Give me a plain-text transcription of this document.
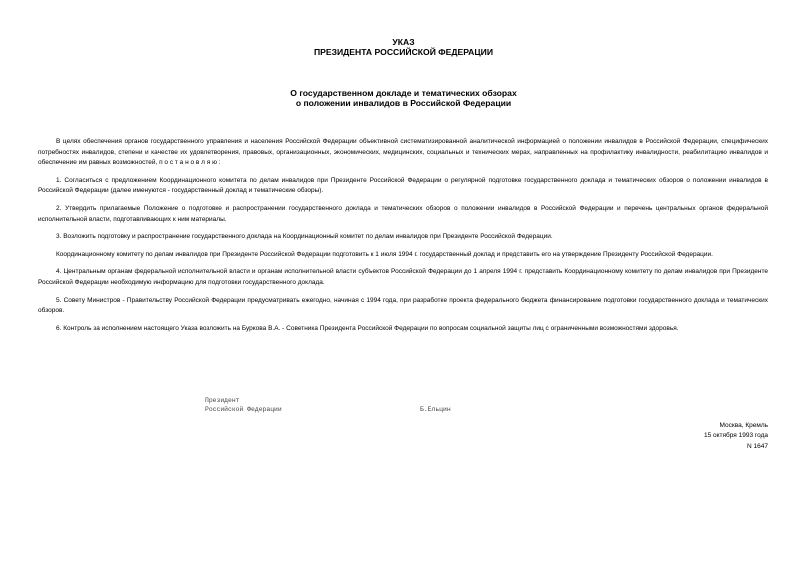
УКАЗ
ПРЕЗИДЕНТА РОССИЙСКОЙ ФЕДЕРАЦИИ
О государственном докладе и тематических обзорах
о положении инвалидов в Российской Федерации

В целях обеспечения органов государственного управления и населения Российской Федерации объективной систематизированной аналитической информацией о положении инвалидов в Российской Федерации, специфических потребностях инвалидов, степени и качестве их удовлетворения, правовых, организационных, экономических, медицинских, социальных и технических мерах, направленных на профилактику инвалидности, реабилитацию инвалидов и обеспечение им равных возможностей, п о с т а н о в л я ю :

1. Согласиться с предложением Координационного комитета по делам инвалидов при Президенте Российской Федерации о регулярной подготовке государственного доклада и тематических обзоров о положении инвалидов в Российской Федерации (далее именуются - государственный доклад и тематические обзоры).

2. Утвердить прилагаемые Положение о подготовке и распространении государственного доклада и тематических обзоров о положении инвалидов в Российской Федерации и перечень центральных органов федеральной исполнительной власти, подготавливающих к ним материалы.

3. Возложить подготовку и распространение государственного доклада на Координационный комитет по делам инвалидов при Президенте Российской Федерации.

Координационному комитету по делам инвалидов при Президенте Российской Федерации подготовить к 1 июля 1994 г. государственный доклад и представить его на утверждение Президенту Российской Федерации.

4. Центральным органам федеральной исполнительной власти и органам исполнительной власти субъектов Российской Федерации до 1 апреля 1994 г. представить Координационному комитету по делам инвалидов при Президенте Российской Федерации необходимую информацию для подготовки государственного доклада.

5. Совету Министров - Правительству Российской Федерации предусматривать ежегодно, начиная с 1994 года, при разработке проекта федерального бюджета финансирование подготовки государственного доклада и тематических обзоров.

6. Контроль за исполнением настоящего Указа возложить на Буркова В.А. - Советника Президента Российской Федерации по вопросам социальной защиты лиц с ограниченными возможностями здоровья.

Президент
Российской Федерации	Б.Ельцин
Москва, Кремль
15 октября 1993 года
N 1647
